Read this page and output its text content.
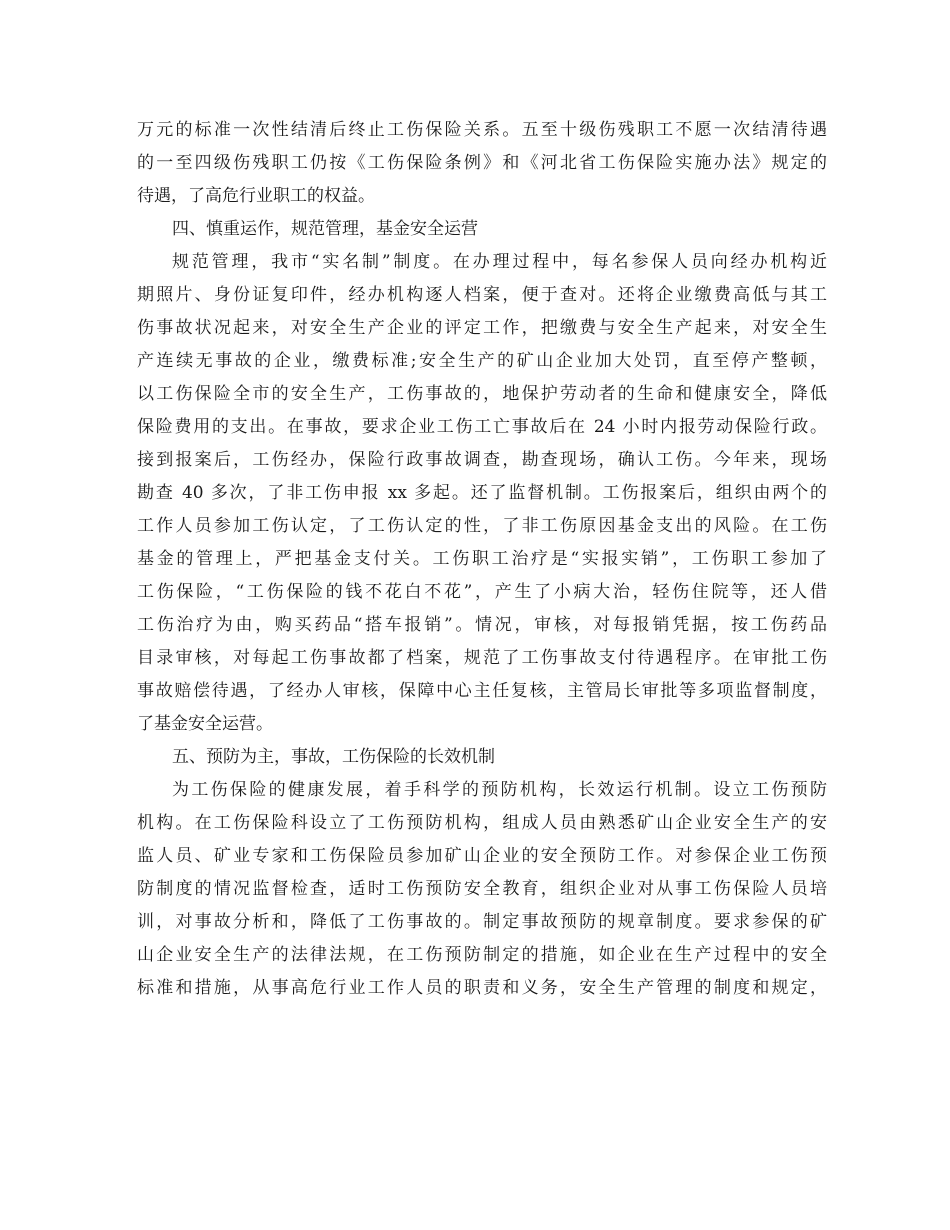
万元的标准一次性结清后终止工伤保险关系。五至十级伤残职工不愿一次结清待遇
的一至四级伤残职工仍按《工伤保险条例》和《河北省工伤保险实施办法》规定的
待遇，了高危行业职工的权益。
四、慎重运作，规范管理，基金安全运营
规范管理，我市“实名制”制度。在办理过程中，每名参保人员向经办机构近
期照片、身份证复印件，经办机构逐人档案，便于查对。还将企业缴费高低与其工
伤事故状况起来，对安全生产企业的评定工作，把缴费与安全生产起来，对安全生
产连续无事故的企业，缴费标准;安全生产的矿山企业加大处罚，直至停产整顿，
以工伤保险全市的安全生产，工伤事故的，地保护劳动者的生命和健康安全，降低
保险费用的支出。在事故，要求企业工伤工亡事故后在 24 小时内报劳动保险行政。
接到报案后，工伤经办，保险行政事故调查，勘查现场，确认工伤。今年来，现场
勘查 40 多次，了非工伤申报 xx 多起。还了监督机制。工伤报案后，组织由两个的
工作人员参加工伤认定，了工伤认定的性，了非工伤原因基金支出的风险。在工伤
基金的管理上，严把基金支付关。工伤职工治疗是“实报实销”，工伤职工参加了
工伤保险，“工伤保险的钱不花白不花”，产生了小病大治，轻伤住院等，还人借
工伤治疗为由，购买药品“搭车报销”。情况，审核，对每报销凭据，按工伤药品
目录审核，对每起工伤事故都了档案，规范了工伤事故支付待遇程序。在审批工伤
事故赔偿待遇，了经办人审核，保障中心主任复核，主管局长审批等多项监督制度，
了基金安全运营。
五、预防为主，事故，工伤保险的长效机制
为工伤保险的健康发展，着手科学的预防机构，长效运行机制。设立工伤预防
机构。在工伤保险科设立了工伤预防机构，组成人员由熟悉矿山企业安全生产的安
监人员、矿业专家和工伤保险员参加矿山企业的安全预防工作。对参保企业工伤预
防制度的情况监督检查，适时工伤预防安全教育，组织企业对从事工伤保险人员培
训，对事故分析和，降低了工伤事故的。制定事故预防的规章制度。要求参保的矿
山企业安全生产的法律法规，在工伤预防制定的措施，如企业在生产过程中的安全
标准和措施，从事高危行业工作人员的职责和义务，安全生产管理的制度和规定，
